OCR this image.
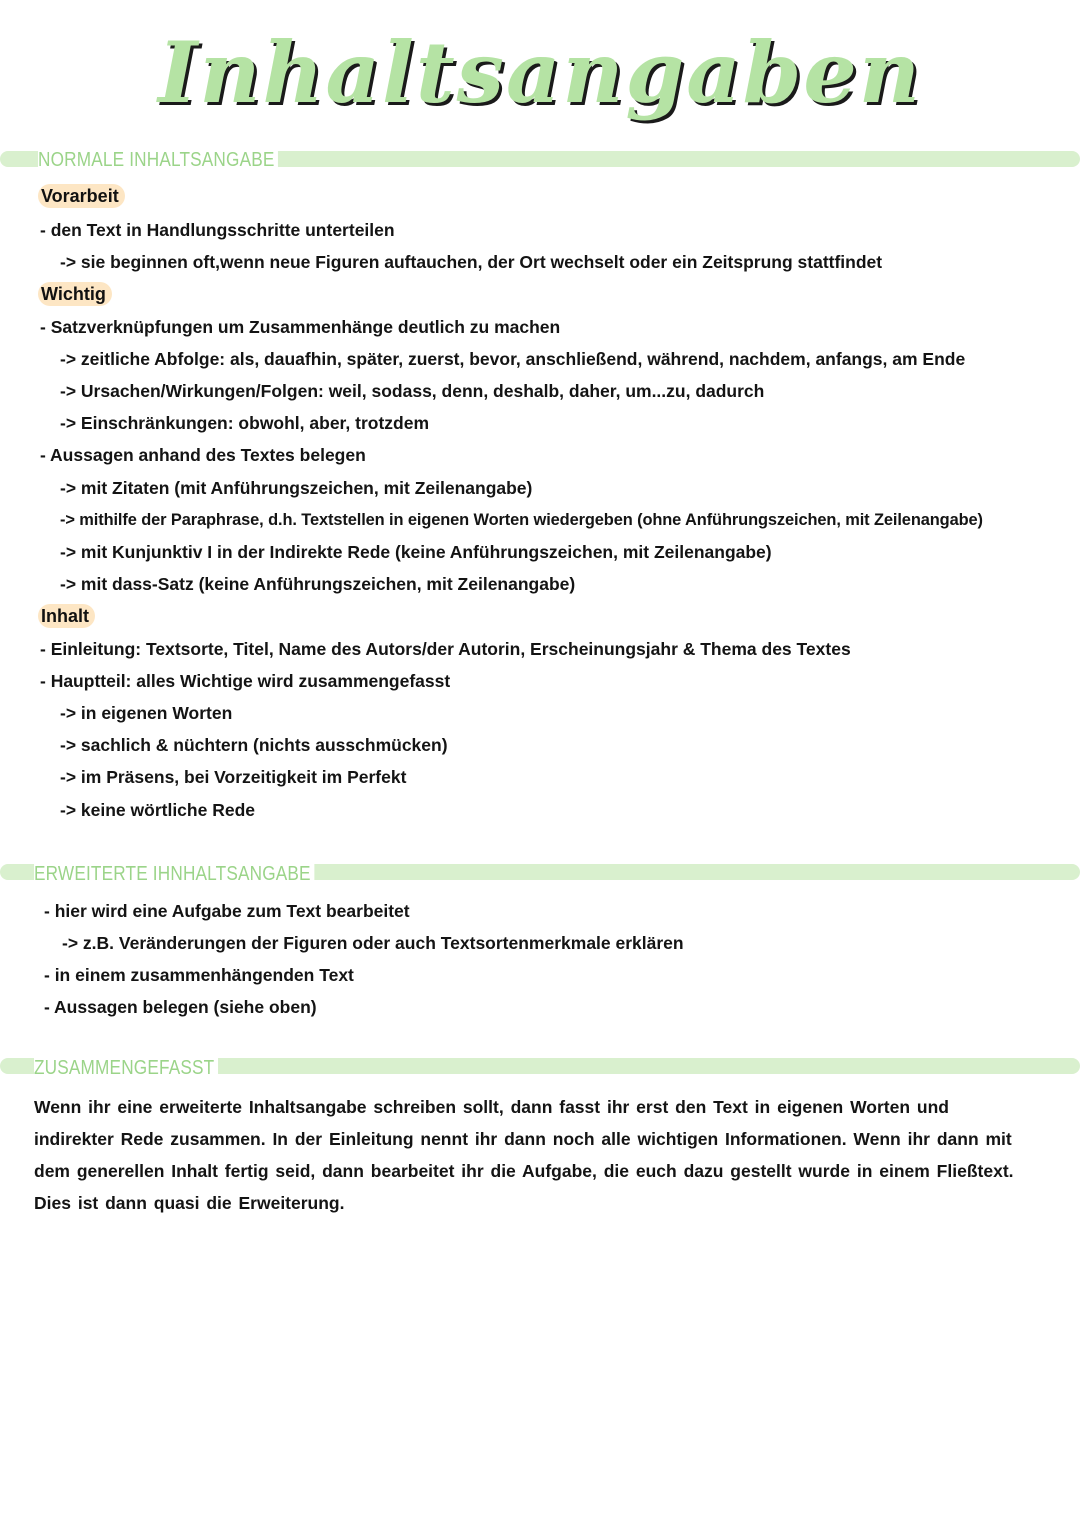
Inhaltsangaben
NORMALE INHALTSANGABE
Vorarbeit
- den Text in Handlungsschritte unterteilen
-> sie beginnen oft,wenn neue Figuren auftauchen, der Ort wechselt oder ein Zeitsprung stattfindet
Wichtig
- Satzverknüpfungen um Zusammenhänge deutlich zu machen
-> zeitliche Abfolge: als, dauafhin, später, zuerst, bevor, anschließend, während, nachdem, anfangs, am Ende
-> Ursachen/Wirkungen/Folgen: weil, sodass, denn, deshalb, daher, um...zu, dadurch
-> Einschränkungen: obwohl, aber, trotzdem
- Aussagen anhand des Textes belegen
-> mit Zitaten (mit Anführungszeichen, mit Zeilenangabe)
-> mithilfe der Paraphrase, d.h. Textstellen in eigenen Worten wiedergeben (ohne Anführungszeichen, mit Zeilenangabe)
-> mit Kunjunktiv I in der Indirekte Rede (keine Anführungszeichen, mit Zeilenangabe)
-> mit dass-Satz (keine Anführungszeichen, mit Zeilenangabe)
Inhalt
- Einleitung: Textsorte, Titel, Name des Autors/der Autorin, Erscheinungsjahr & Thema des Textes
- Hauptteil: alles Wichtige wird zusammengefasst
-> in eigenen Worten
-> sachlich & nüchtern (nichts ausschmücken)
-> im Präsens, bei Vorzeitigkeit im Perfekt
-> keine wörtliche Rede
ERWEITERTE IHNHALTSANGABE
- hier wird eine Aufgabe zum Text bearbeitet
-> z.B. Veränderungen der Figuren oder auch Textsortenmerkmale erklären
- in einem zusammenhängenden Text
- Aussagen belegen (siehe oben)
ZUSAMMENGEFASST
Wenn ihr eine erweiterte Inhaltsangabe schreiben sollt, dann fasst ihr erst den Text in eigenen Worten und indirekter Rede zusammen. In der Einleitung nennt ihr dann noch alle wichtigen Informationen. Wenn ihr dann mit dem generellen Inhalt fertig seid, dann bearbeitet ihr die Aufgabe, die euch dazu gestellt wurde in einem Fließtext. Dies ist dann quasi die Erweiterung.
